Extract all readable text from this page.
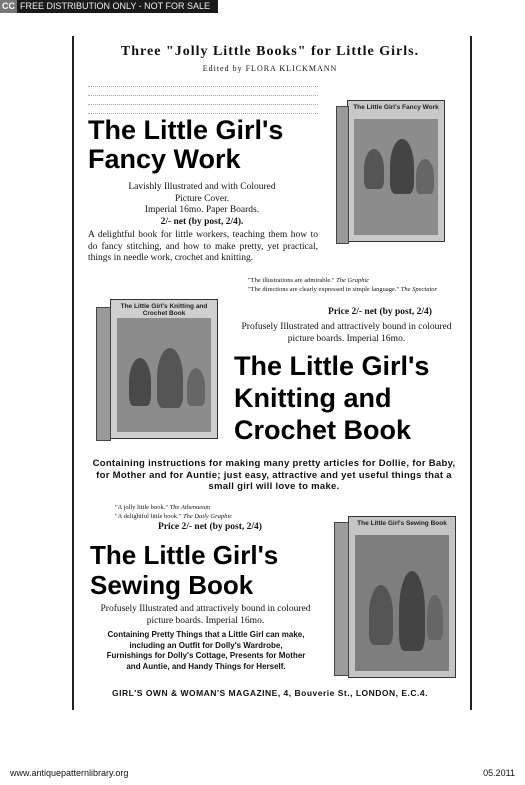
CC FREE DISTRIBUTION ONLY - NOT FOR SALE
Three "Jolly Little Books" for Little Girls.
Edited by FLORA KLICKMANN
The Little Girl's
Fancy Work
Lavishly Illustrated and with Coloured
Picture Cover.
Imperial 16mo. Paper Boards.
2/- net (by post, 2/4).
A delightful book for little workers, teaching them how to do fancy stitching, and how to make pretty, yet practical, things in needle work, crochet and knitting.
The Little Girl's Fancy Work
"The illustrations are admirable." The Graphic
"The directions are clearly expressed in simple language." The Spectator
Price 2/- net (by post, 2/4)
Profusely Illustrated and attractively bound in coloured picture boards. Imperial 16mo.
The Little Girl's
Knitting and
Crochet Book
The Little Girl's Knitting and Crochet Book
Containing instructions for making many pretty articles for Dollie, for Baby, for Mother and for Auntie; just easy, attractive and yet useful things that a small girl will love to make.
"A jolly little book." The Athenaeum
"A delightful little book." The Daily Graphic
Price 2/- net (by post, 2/4)
The Little Girl's
Sewing Book
Profusely Illustrated and attractively bound in coloured picture boards. Imperial 16mo.
Containing Pretty Things that a Little Girl can make, including an Outfit for Dolly's Wardrobe, Furnishings for Dolly's Cottage, Presents for Mother and Auntie, and Handy Things for Herself.
The Little Girl's Sewing Book
GIRL'S OWN & WOMAN'S MAGAZINE, 4, Bouverie St., LONDON, E.C.4.
www.antiquepatternlibrary.org	05.2011
